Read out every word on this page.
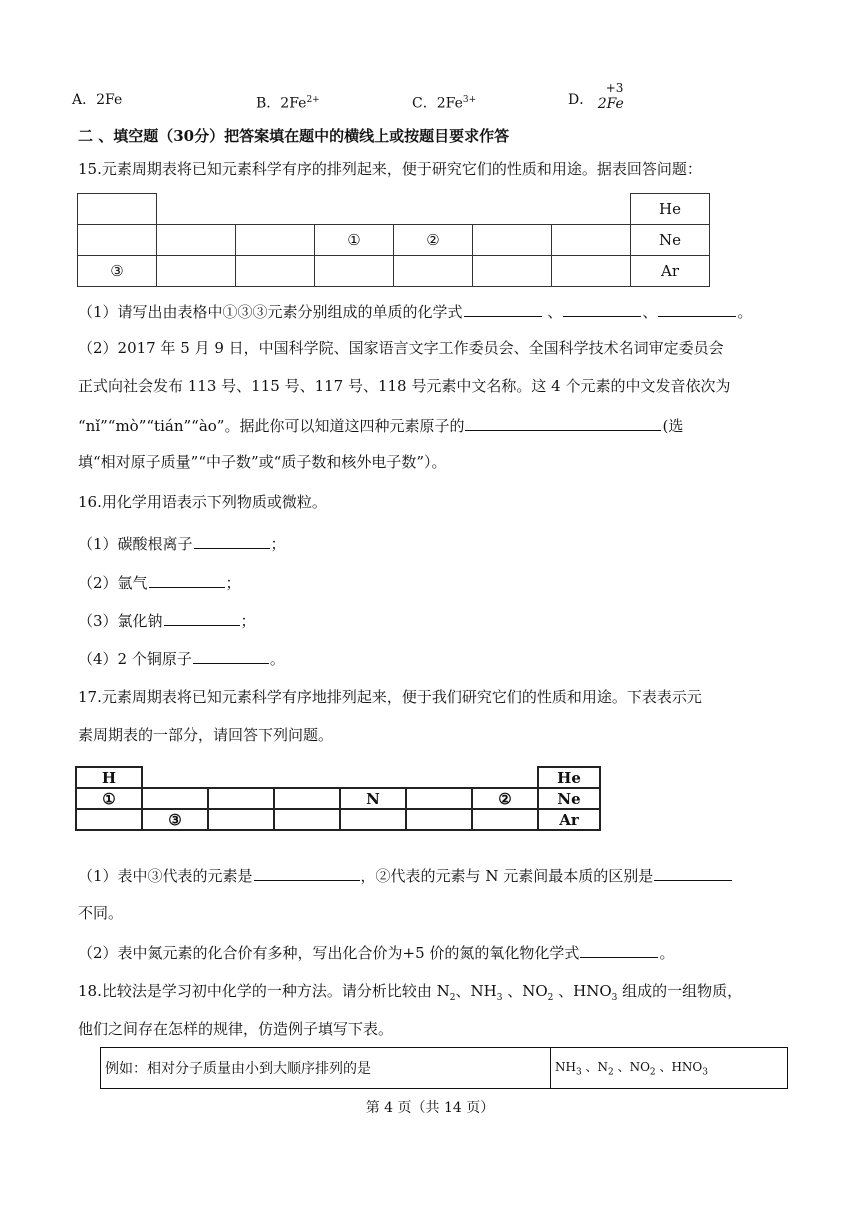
A．2Fe	B．$2Fe^{2+}$	C．$2Fe^{3+}$	D．
+3
2Fe
二 、填空题（30分）把答案填在题中的横线上或按题目要求作答
15.元素周期表将已知元素科学有序的排列起来，便于研究它们的性质和用途。据表回答问题：
							He
			①	②			Ne
③							Ar
（1）请写出由表格中①③③元素分别组成的单质的化学式	、	、	。
（2）2017 年 5 月 9 日，中国科学院、国家语言文字工作委员会、全国科学技术名词审定委员会
正式向社会发布 113 号、115 号、117 号、118 号元素中文名称。这 4 个元素的中文发音依次为
“nǐ”“mò”“tián”“ào”。据此你可以知道这四种元素原子的	(选
填“相对原子质量”“中子数”或“质子数和核外电子数”）。
16.用化学用语表示下列物质或微粒。
（1）碳酸根离子	；
（2）氩气	；
（3）氯化钠	；
（4）2 个铜原子	。
17.元素周期表将已知元素科学有序地排列起来，便于我们研究它们的性质和用途。下表表示元
素周期表的一部分，请回答下列问题。
H							He
①				N		②	Ne
	③						Ar
（1）表中③代表的元素是	，②代表的元素与 N 元素间最本质的区别是
不同。
（2）表中氮元素的化合价有多种，写出化合价为+5 价的氮的氧化物化学式	。
18.比较法是学习初中化学的一种方法。请分析比较由 $N_2$、$NH_3$ 、$NO_2$ 、$HNO_3$ 组成的一组物质，
他们之间存在怎样的规律，仿造例子填写下表。
例如：相对分子质量由小到大顺序排列的是	$NH_3$ 、$N_2$ 、$NO_2$ 、$HNO_3$
第 4 页（共 14 页）
